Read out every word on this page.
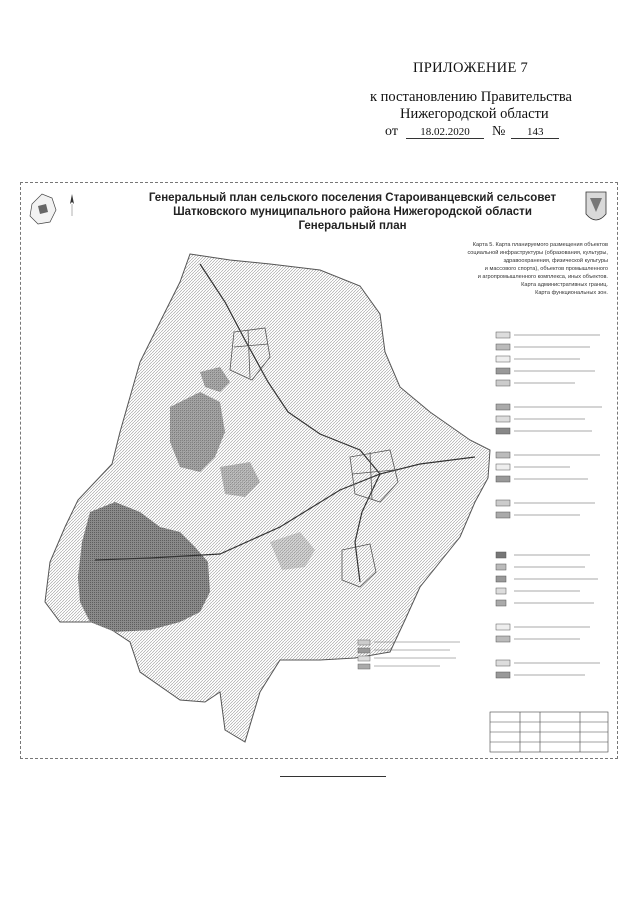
ПРИЛОЖЕНИЕ 7
к постановлению Правительства
Нижегородской области
от 18.02.2020 № 143
Генеральный план сельского поселения Староиванцевский сельсовет
Шатковского муниципального района Нижегородской области
Генеральный план
Карта 5. Карта планируемого размещения объектов
социальной инфраструктуры (образования, культуры,
здравоохранения, физической культуры
и массового спорта), объектов промышленного
и агропромышленного комплекса, иных объектов.
Карта административных границ.
Карта функциональных зон.
